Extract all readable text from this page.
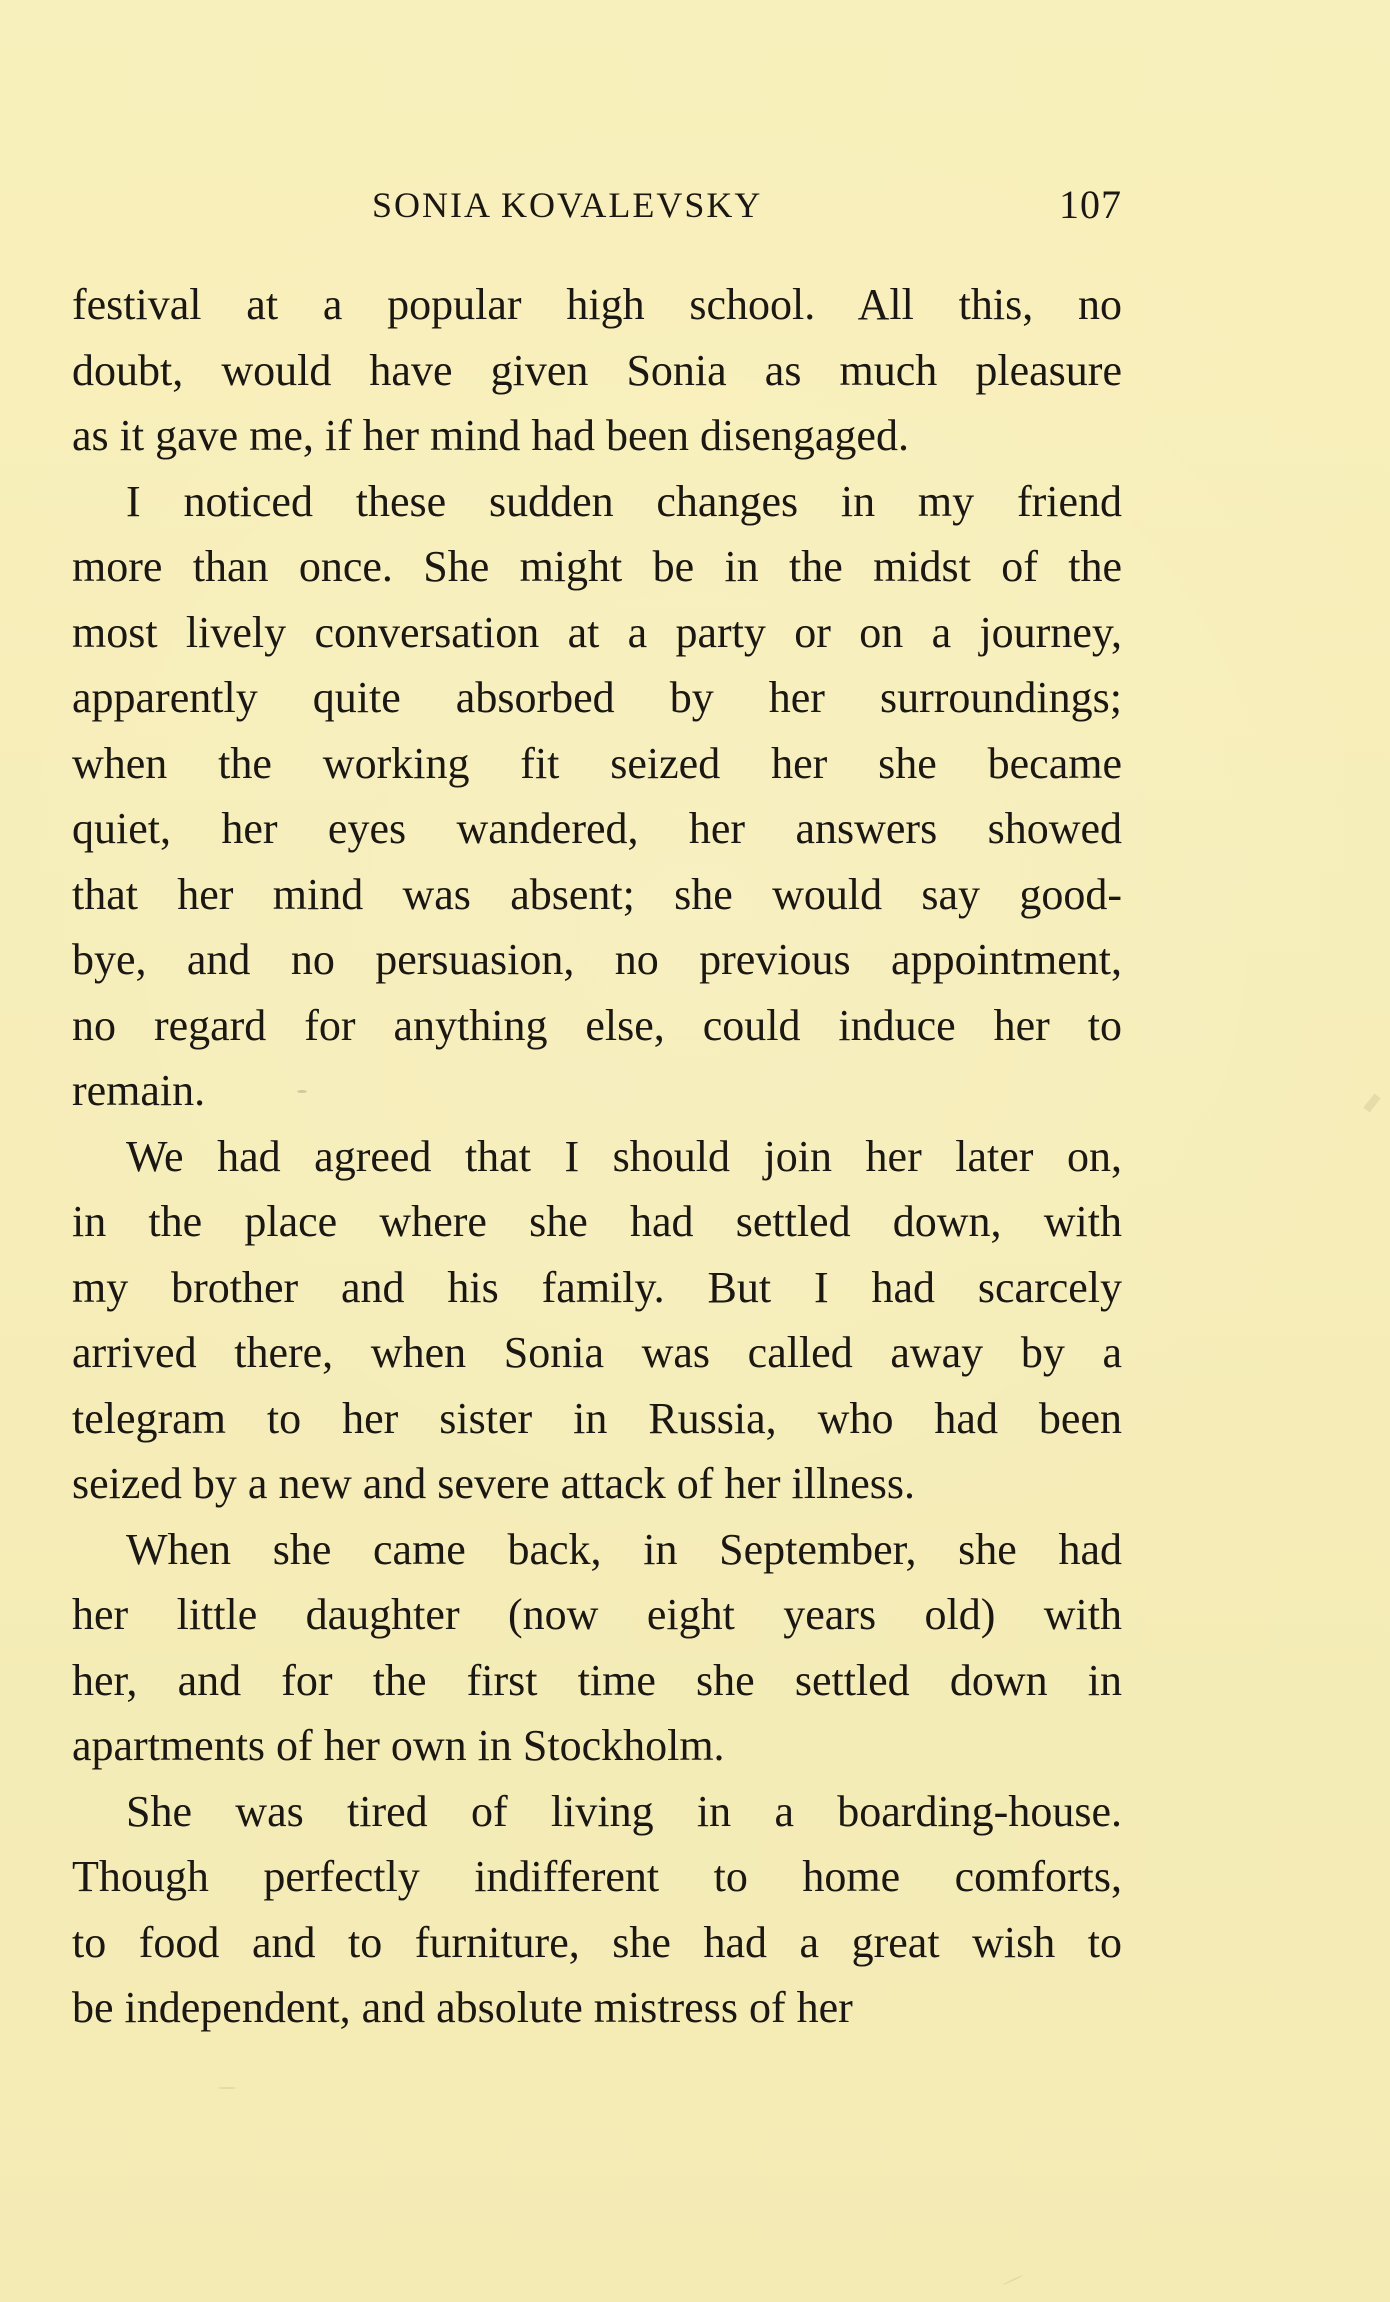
SONIA KOVALEVSKY	107
festival at a popular high school. All this, no
doubt, would have given Sonia as much pleasure
as it gave me, if her mind had been disengaged.
I noticed these sudden changes in my friend
more than once. She might be in the midst of the
most lively conversation at a party or on a journey,
apparently quite absorbed by her surroundings;
when the working fit seized her she became
quiet, her eyes wandered, her answers showed
that her mind was absent; she would say good-
bye, and no persuasion, no previous appointment,
no regard for anything else, could induce her to
remain.
We had agreed that I should join her later on,
in the place where she had settled down, with
my brother and his family. But I had scarcely
arrived there, when Sonia was called away by a
telegram to her sister in Russia, who had been
seized by a new and severe attack of her illness.
When she came back, in September, she had
her little daughter (now eight years old) with
her, and for the first time she settled down in
apartments of her own in Stockholm.
She was tired of living in a boarding-house.
Though perfectly indifferent to home comforts,
to food and to furniture, she had a great wish to
be independent, and absolute mistress of her
